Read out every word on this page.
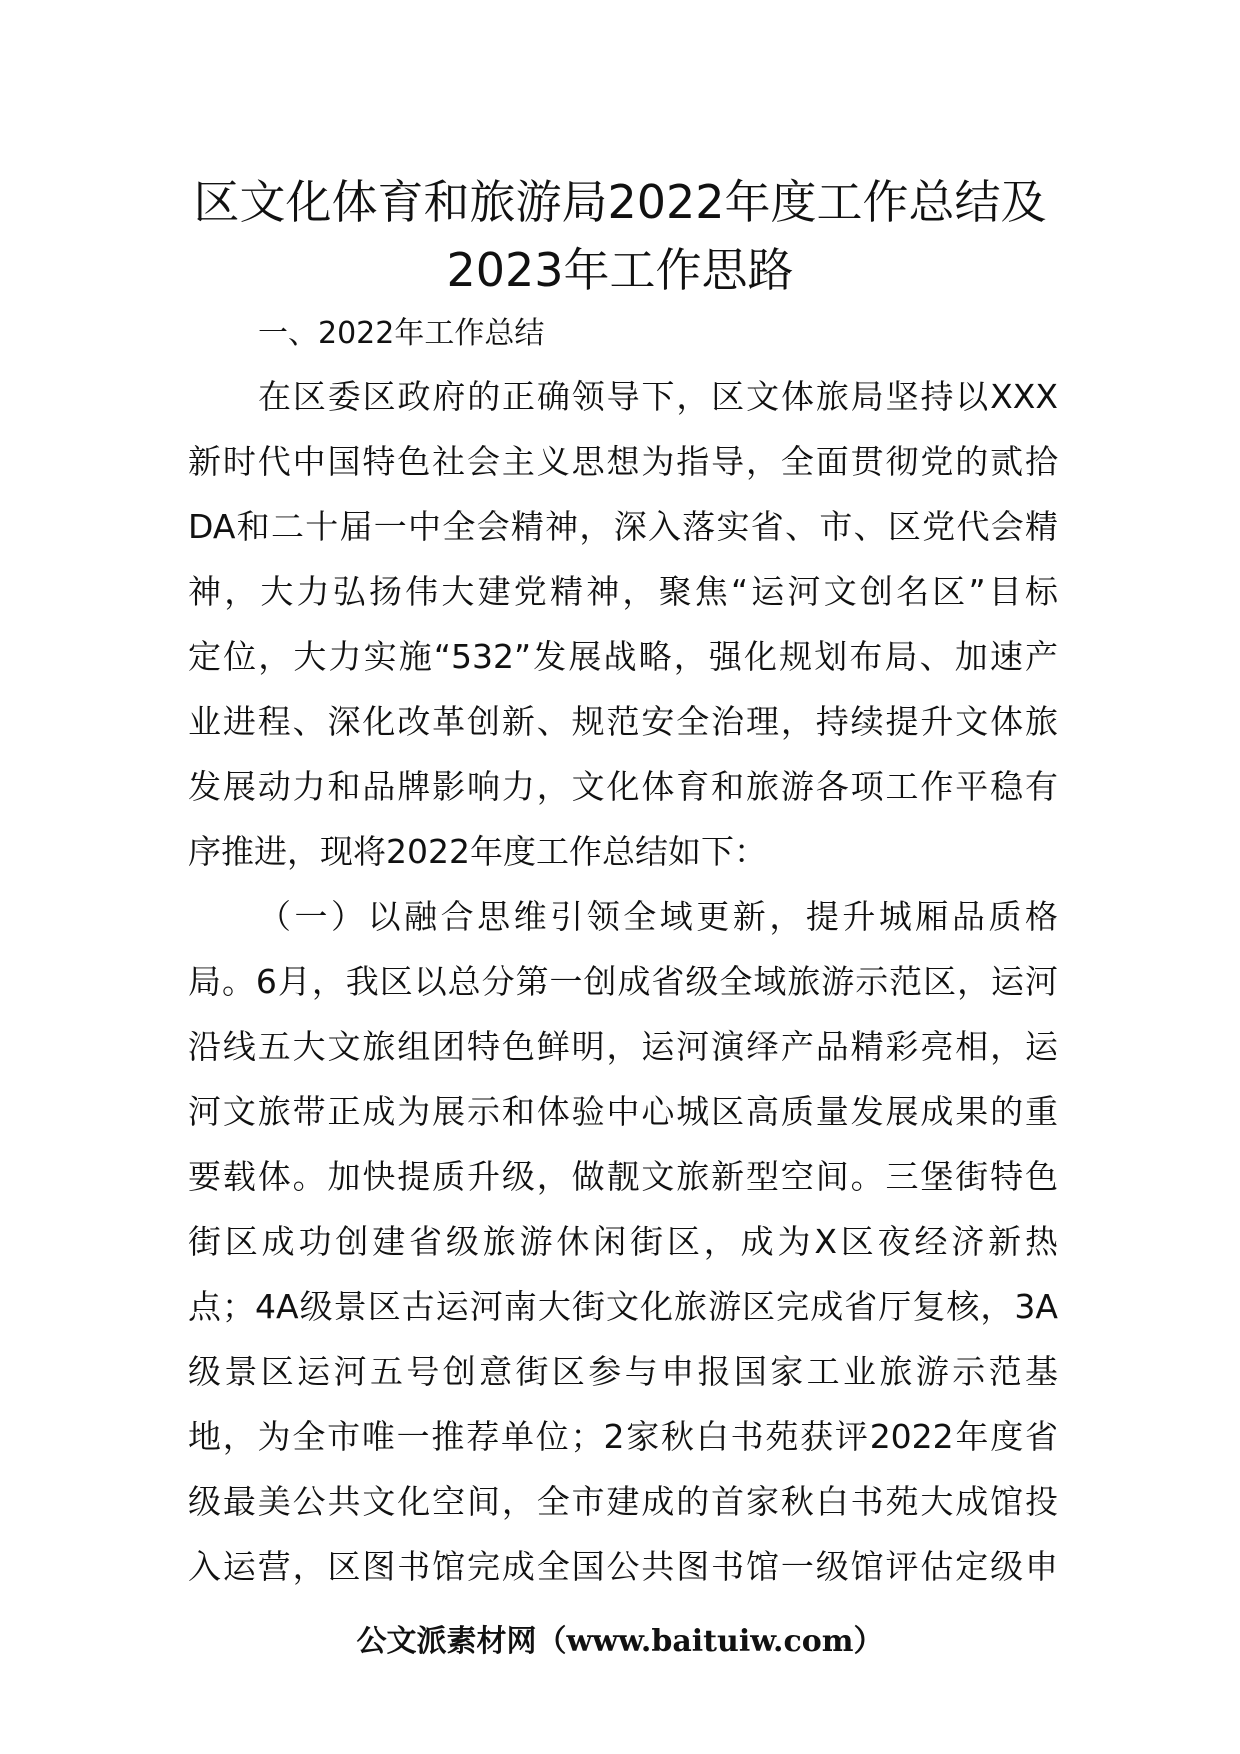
区文化体育和旅游局2022年度工作总结及
2023年工作思路

一、2022年工作总结

在区委区政府的正确领导下，区文体旅局坚持以XXX
新时代中国特色社会主义思想为指导，全面贯彻党的贰拾
DA和二十届一中全会精神，深入落实省、市、区党代会精
神，大力弘扬伟大建党精神，聚焦“运河文创名区”目标
定位，大力实施“532”发展战略，强化规划布局、加速产
业进程、深化改革创新、规范安全治理，持续提升文体旅
发展动力和品牌影响力，文化体育和旅游各项工作平稳有
序推进，现将2022年度工作总结如下：
（一）以融合思维引领全域更新，提升城厢品质格
局。6月，我区以总分第一创成省级全域旅游示范区，运河
沿线五大文旅组团特色鲜明，运河演绎产品精彩亮相，运
河文旅带正成为展示和体验中心城区高质量发展成果的重
要载体。加快提质升级，做靓文旅新型空间。三堡街特色
街区成功创建省级旅游休闲街区，成为X区夜经济新热
点；4A级景区古运河南大街文化旅游区完成省厅复核，3A
级景区运河五号创意街区参与申报国家工业旅游示范基
地，为全市唯一推荐单位；2家秋白书苑获评2022年度省
级最美公共文化空间，全市建成的首家秋白书苑大成馆投
入运营，区图书馆完成全国公共图书馆一级馆评估定级申
公文派素材网（www.baituiw.com）
